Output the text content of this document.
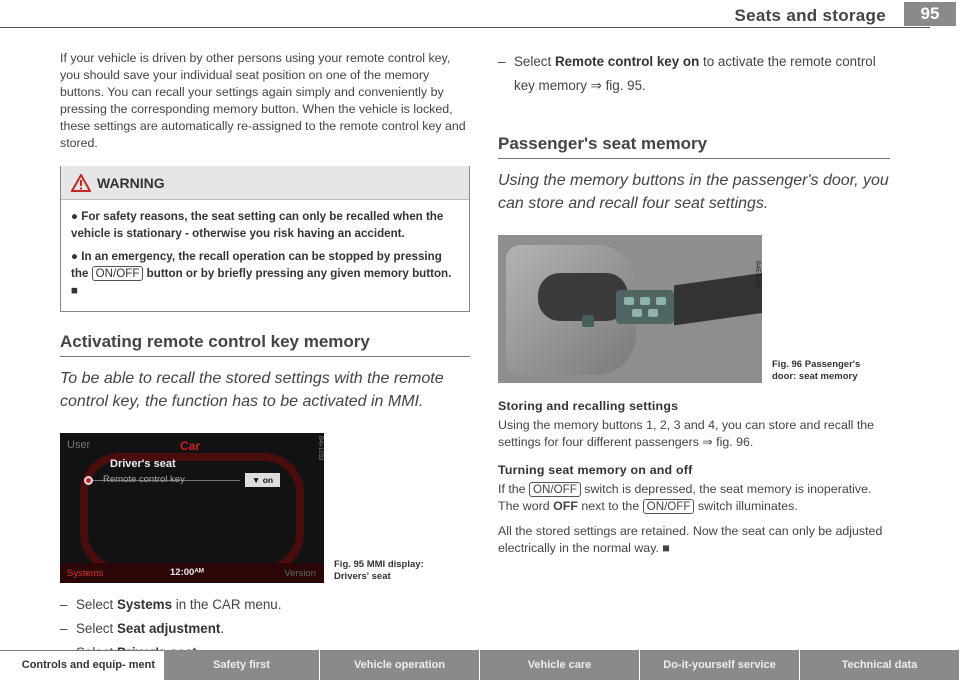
Seats and storage	95

If your vehicle is driven by other persons using your remote control key, you should save your individual seat position on one of the memory buttons. You can recall your settings again simply and conveniently by pressing the corresponding memory button. When the vehicle is locked, these settings are automatically re-assigned to the remote control key and stored.

WARNING

● For safety reasons, the seat setting can only be recalled when the vehicle is stationary - otherwise you risk having an accident.

● In an emergency, the recall operation can be stopped by pressing the ON/OFF button or by briefly pressing any given memory button. ■

Activating remote control key memory

To be able to recall the stored settings with the remote control key, the function has to be activated in MMI.

User	Car
Driver's seat
Remote control key	▼ on
Systems	12:00ᴬᴹ	Version
B4I-1033
Fig. 95 MMI display: Drivers' seat
– Select Systems in the CAR menu.
– Select Seat adjustment.
–
– Select Remote control key on to activate the remote control key memory ⇒ fig. 95.
Passenger's seat memory

Using the memory buttons in the passenger's door, you can store and recall four seat settings.

B4E-1034
Fig. 96 Passenger's door: seat memory
Storing and recalling settings

Using the memory buttons 1, 2, 3 and 4, you can store and recall the settings for four different passengers ⇒ fig. 96.

Turning seat memory on and off

If the ON/OFF switch is depressed, the seat memory is inoperative. The word OFF next to the ON/OFF switch illuminates.

All the stored settings are retained. Now the seat can only be adjusted electrically in the normal way. ■

Controls and equip- ment	Safety first	Vehicle operation	Vehicle care	Do-it-yourself service	Technical data
